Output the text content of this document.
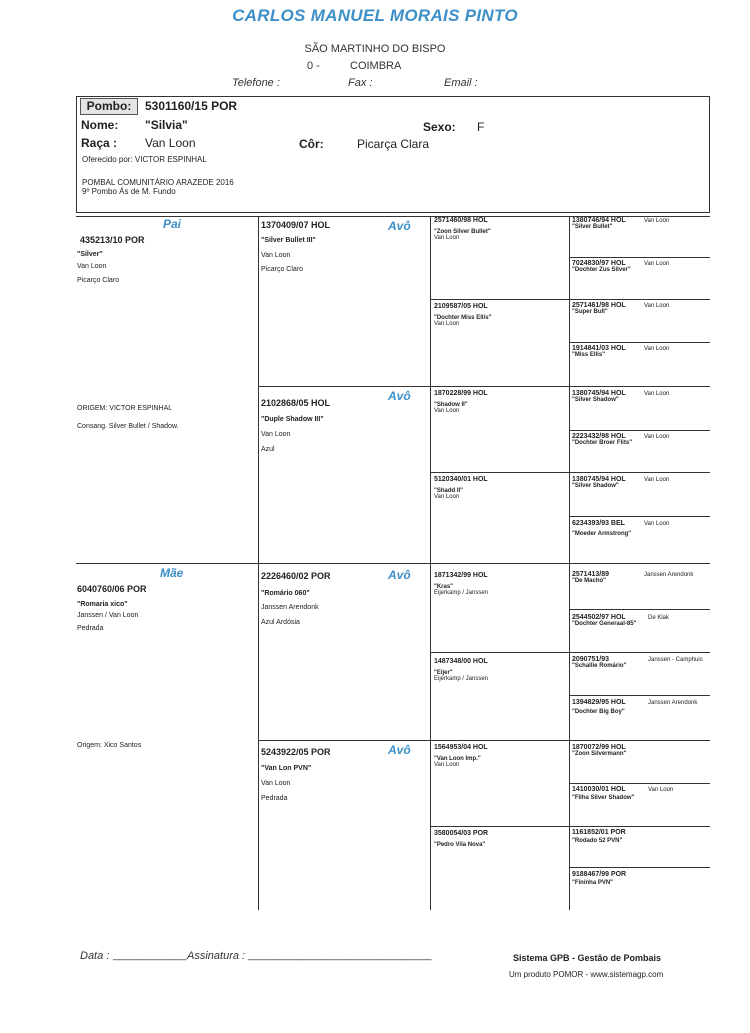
CARLOS MANUEL MORAIS PINTO
SÃO MARTINHO DO BISPO
0 -	COIMBRA
Telefone :	Fax :	Email :
Pombo:	5301160/15 POR
Nome: "Silvia"	Sexo: F
Raça : Van Loon	Côr:	Picarça Clara
Oferecido por: VICTOR ESPINHAL
POMBAL COMUNITÁRIO ARAZEDE 2016
9º Pombo Ás de M. Fundo
Pai
435213/10 POR
"Silver"
Van Loon
Picarço Claro
ORIGEM: VICTOR ESPINHAL
Consang. Silver Bullet / Shadow.
Mãe
6040760/06 POR
"Romaria xico"
Janssen / Van Loon
Pedrada
Origem: Xico Santos
Avô
1370409/07 HOL
"Silver Bullet III"
Van Loon
Picarço Claro
Avô
2102868/05 HOL
"Duple Shadow III"
Van Loon
Azul
Avô
2226460/02 POR
"Romário 060"
Janssen Arendonk
Azul Ardósia
Avô
5243922/05 POR
"Van Lon PVN"
Van Loon
Pedrada
2571460/98 HOL
"Zoon Silver Bullet"
Van Loon
2109587/05 HOL
"Dochter Miss Ellis"
Van Loon
1870228/99 HOL
"Shadow II"
Van Loon
5120340/01 HOL
"Shadd II"
Van Loon
1871342/99 HOL
"Kras"
Eijerkamp / Janssen
1487348/00 HOL
"Eijer"
Eijerkamp / Janssen
1564953/04 HOL
"Van Loon Imp."
Van Loon
3580054/03 POR
"Pedro Vila Nova"
1380746/94 HOL
"Silver Bullet"
Van Loon
7024830/97 HOL
"Dochter Zus Silver"
Van Loon
2571461/98 HOL
"Super Bull"
Van Loon
1914841/03 HOL
"Miss Ellis"
Van Loon
1380745/94 HOL
"Silver Shadow"
Van Loon
2223432/98 HOL
"Dochter Broer Flits"
Van Loon
1380745/94 HOL
"Silver Shadow"
Van Loon
6234393/93 BEL
"Moeder Armstrong"
Van Loon
2571413/89
"De Macho"
Janssen Arendonk
2544502/97 HOL
"Dochter Generaal-85"
De Klak
2090751/93
"Schallie Romário"
Janssen - Camphuis
1394829/95 HOL
"Dochter Big Boy"
Janssen Arendonk
1870072/99 HOL
"Zoon Silvermann"
1410030/01 HOL
"Filha Silver Shadow"
Van Loon
1161852/01 POR
"Rodado 52 PVN"
9188467/99 POR
"Fininha PVN"
Data : ____________ Assinatura : ______________________________	Sistema GPB - Gestão de Pombais
Um produto POMOR - www.sistemagp.com
